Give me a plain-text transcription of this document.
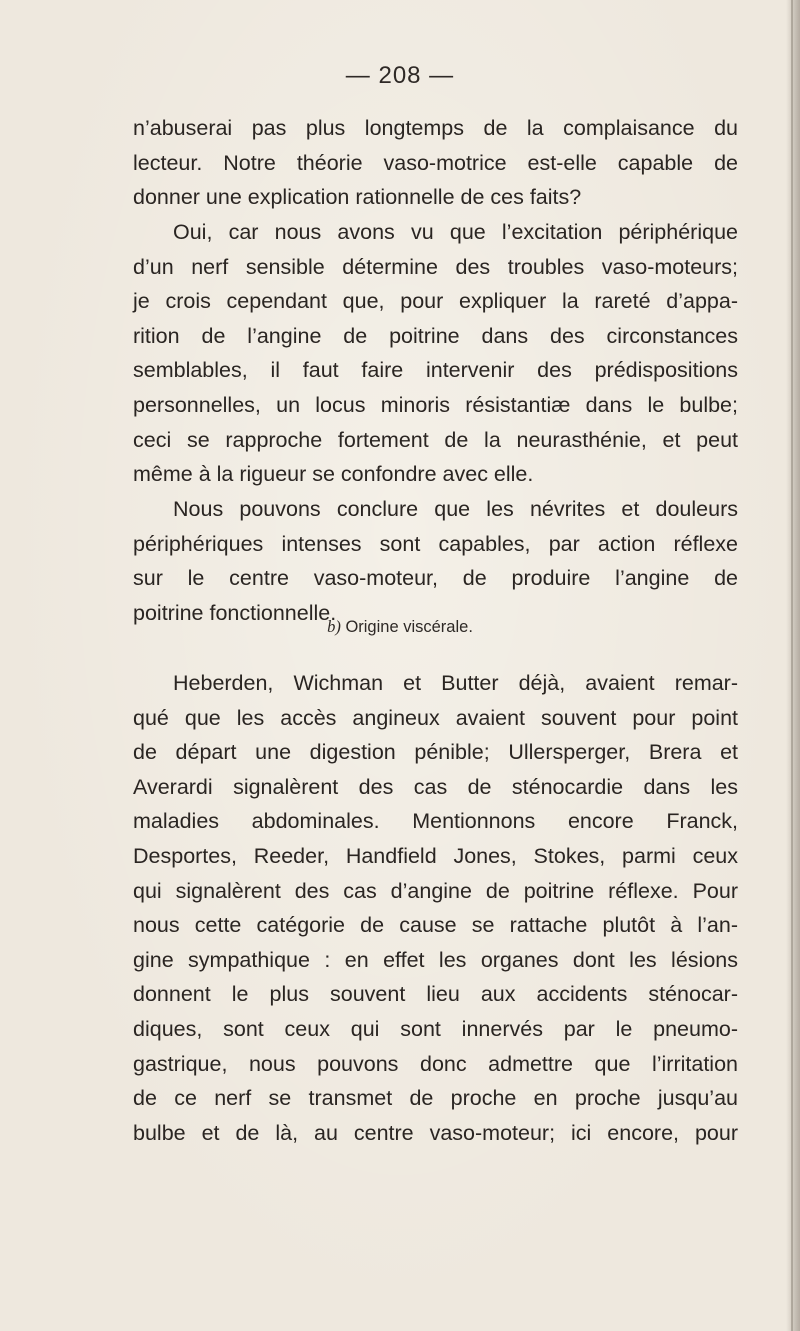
— 208 —

n’abuserai pas plus longtemps de la complaisance du

lecteur. Notre théorie vaso-motrice est-elle capable de

donner une explication rationnelle de ces faits?

Oui, car nous avons vu que l’excitation périphérique

d’un nerf sensible détermine des troubles vaso-moteurs;

je crois cependant que, pour expliquer la rareté d’appa-

rition de l’angine de poitrine dans des circonstances

semblables, il faut faire intervenir des prédispositions

personnelles, un locus minoris résistantiæ dans le bulbe;

ceci se rapproche fortement de la neurasthénie, et peut

même à la rigueur se confondre avec elle.

Nous pouvons conclure que les névrites et douleurs

périphériques intenses sont capables, par action réflexe

sur le centre vaso-moteur, de produire l’angine de

poitrine fonctionnelle.

b) Origine viscérale.

Heberden, Wichman et Butter déjà, avaient remar-

qué que les accès angineux avaient souvent pour point

de départ une digestion pénible; Ullersperger, Brera et

Averardi signalèrent des cas de sténocardie dans les

maladies abdominales. Mentionnons encore Franck,

Desportes, Reeder, Handfield Jones, Stokes, parmi ceux

qui signalèrent des cas d’angine de poitrine réflexe. Pour

nous cette catégorie de cause se rattache plutôt à l’an-

gine sympathique : en effet les organes dont les lésions

donnent le plus souvent lieu aux accidents sténocar-

diques, sont ceux qui sont innervés par le pneumo-

gastrique, nous pouvons donc admettre que l’irritation

de ce nerf se transmet de proche en proche jusqu’au

bulbe et de là, au centre vaso-moteur; ici encore, pour
